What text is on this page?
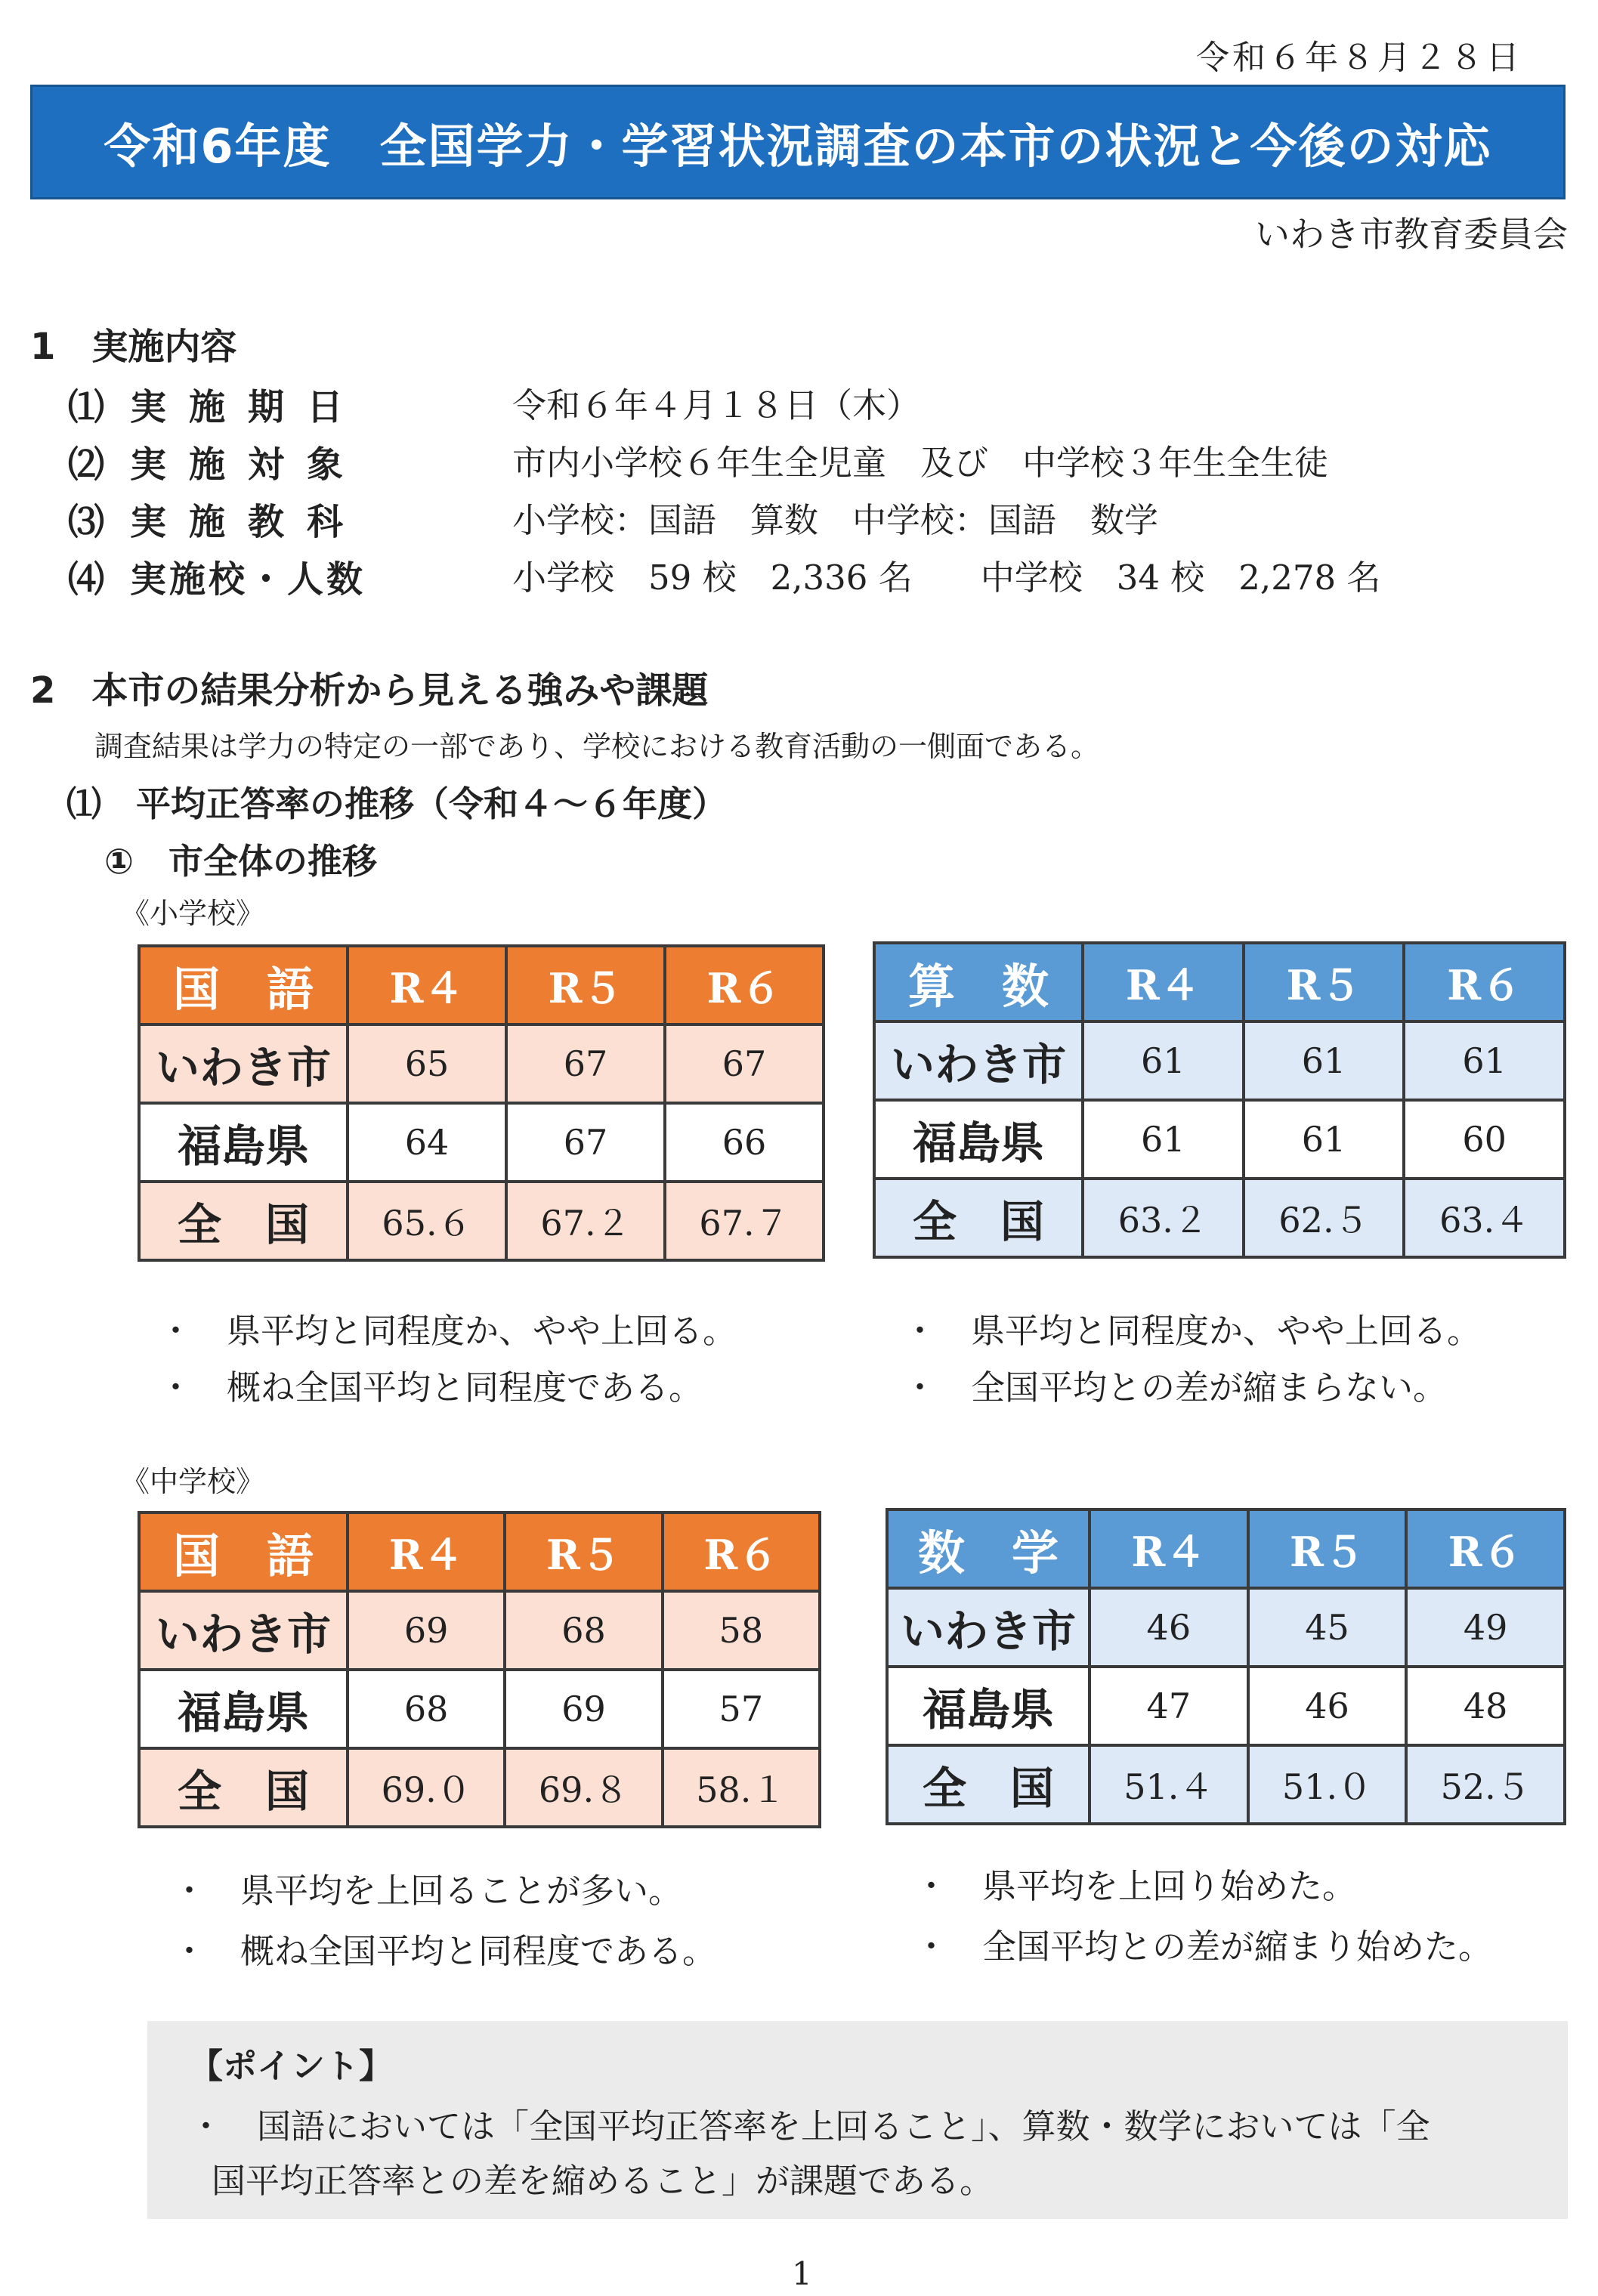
令和６年８月２８日
令和6年度　全国学力・学習状況調査の本市の状況と今後の対応
いわき市教育委員会
1　実施内容
⑴ 実施期日	令和６年４月１８日（木）
⑵ 実施対象	市内小学校６年生全児童　及び　中学校３年生全生徒
⑶ 実施教科	小学校：国語　算数　中学校：国語　数学
⑷ 実施校・人数	小学校　59 校　2,336 名　　中学校　34 校　2,278 名
2　本市の結果分析から見える強みや課題
調査結果は学力の特定の一部であり、学校における教育活動の一側面である。
⑴　平均正答率の推移（令和４～６年度）
①　市全体の推移
《小学校》
国　語	R４	R５	R６
いわき市	65	67	67
福島県	64	67	66
全　国	65.６	67.２	67.７
算　数	R４	R５	R６
いわき市	61	61	61
福島県	61	61	60
全　国	63.２	62.５	63.４
・ 県平均と同程度か、やや上回る。
・ 概ね全国平均と同程度である。
・ 県平均と同程度か、やや上回る。
・ 全国平均との差が縮まらない。
《中学校》
国　語	R４	R５	R６
いわき市	69	68	58
福島県	68	69	57
全　国	69.０	69.８	58.１
数　学	R４	R５	R６
いわき市	46	45	49
福島県	47	46	48
全　国	51.４	51.０	52.５
・ 県平均を上回ることが多い。
・ 概ね全国平均と同程度である。
・ 県平均を上回り始めた。
・ 全国平均との差が縮まり始めた。
【ポイント】
・　国語においては「全国平均正答率を上回ること」、算数・数学においては「全
国平均正答率との差を縮めること」が課題である。
1
